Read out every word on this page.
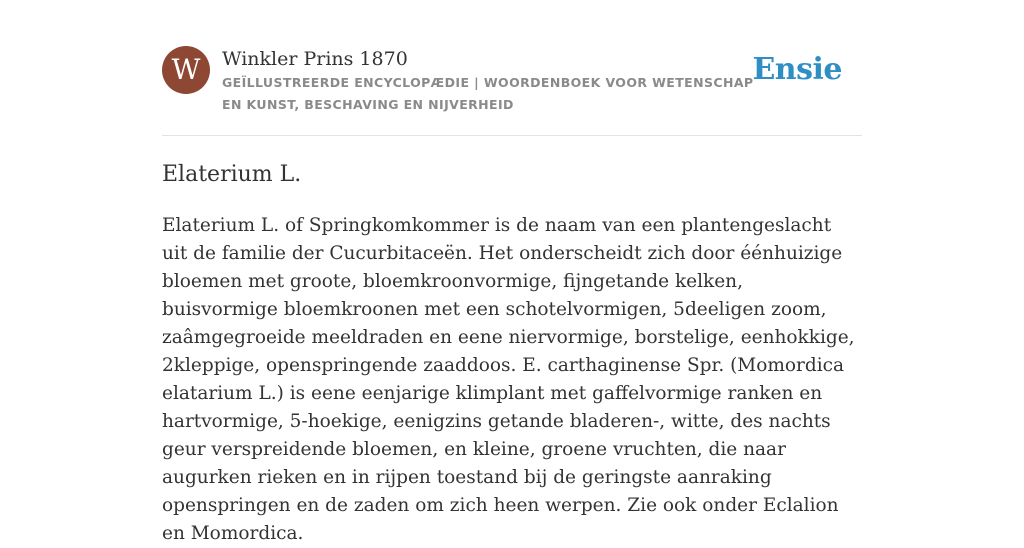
W	Winkler Prins 1870
GEÏLLUSTREERDE ENCYCLOPÆDIE | WOORDENBOEK VOOR WETENSCHAP EN KUNST, BESCHAVING EN NIJVERHEID
Ensie
Elaterium L.

Elaterium L. of Springkomkommer is de naam van een plantengeslacht uit de familie der Cucurbitaceën. Het onderscheidt zich door éénhuizige bloemen met groote, bloemkroonvormige, fijngetande kelken, buisvormige bloemkroonen met een schotelvormigen, 5deeligen zoom, zaâmgegroeide meeldraden en eene niervormige, borstelige, eenhokkige, 2kleppige, openspringende zaaddoos. E. carthaginense Spr. (Momordica elatarium L.) is eene eenjarige klimplant met gaffelvormige ranken en hartvormige, 5-hoekige, eenigzins getande bladeren-, witte, des nachts geur verspreidende bloemen, en kleine, groene vruchten, die naar augurken rieken en in rijpen toestand bij de geringste aanraking openspringen en de zaden om zich heen werpen. Zie ook onder Eclalion en Momordica.
